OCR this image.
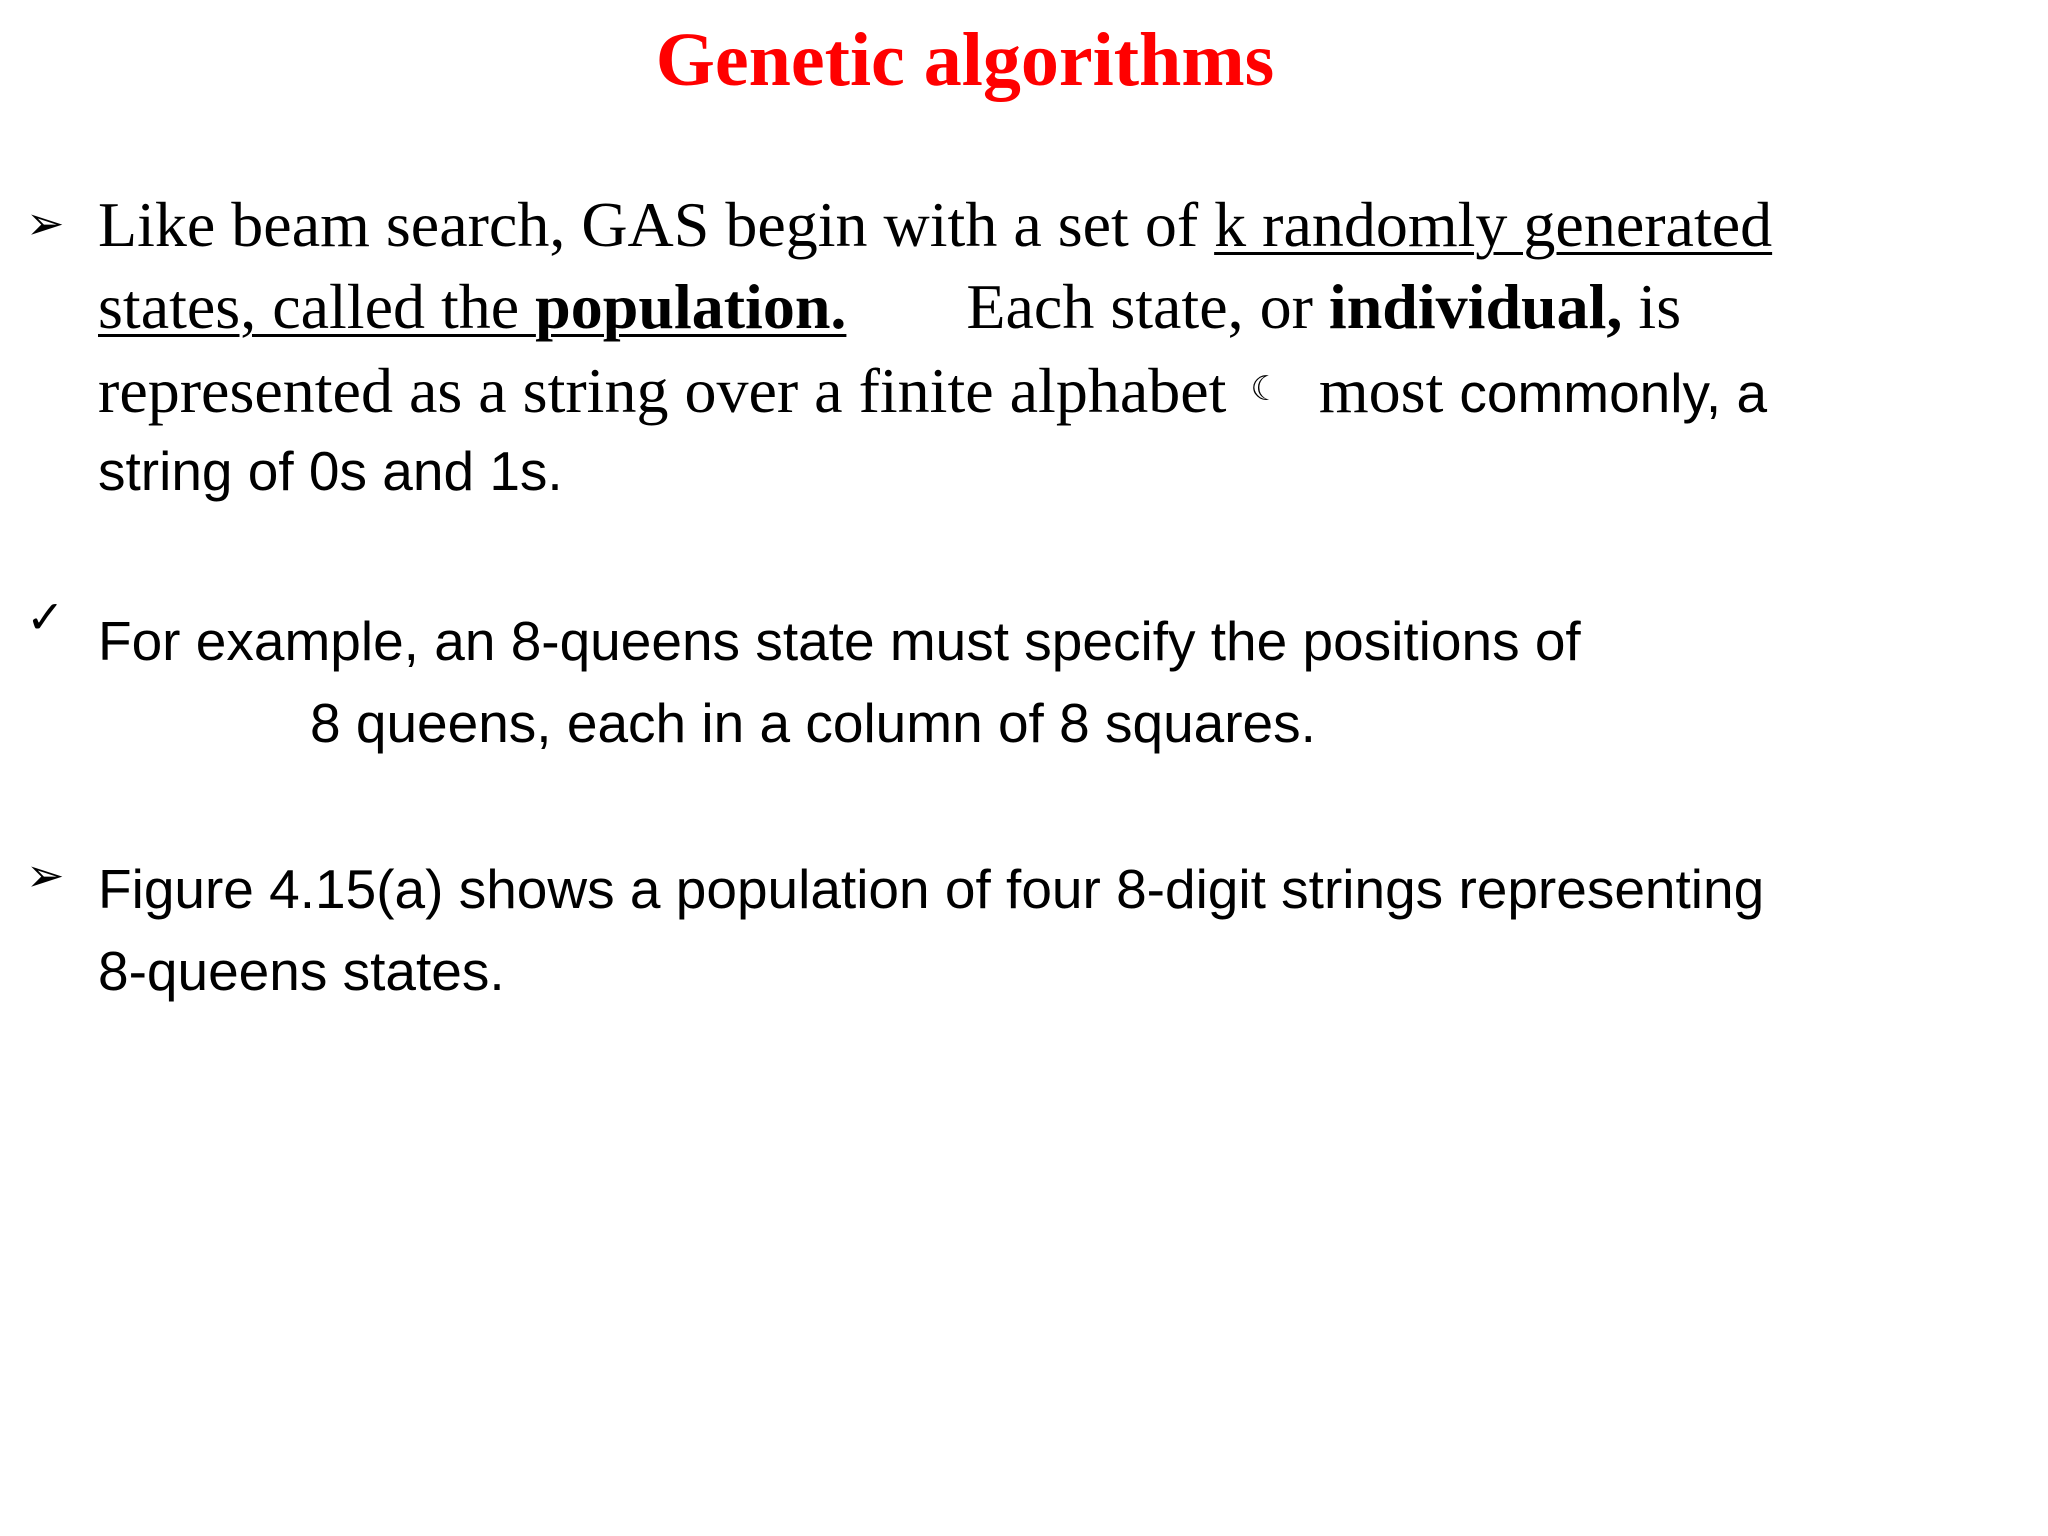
Genetic algorithms
➢ Like beam search, GAS begin with a set of k randomly generated
states, called the population. Each state, or individual, is
represented as a string over a finite alphabet ☾ most commonly, a
string of 0s and 1s.
✓ For example, an 8-queens state must specify the positions of
8 queens, each in a column of 8 squares.
➢ Figure 4.15(a) shows a population of four 8-digit strings representing
8-queens states.
